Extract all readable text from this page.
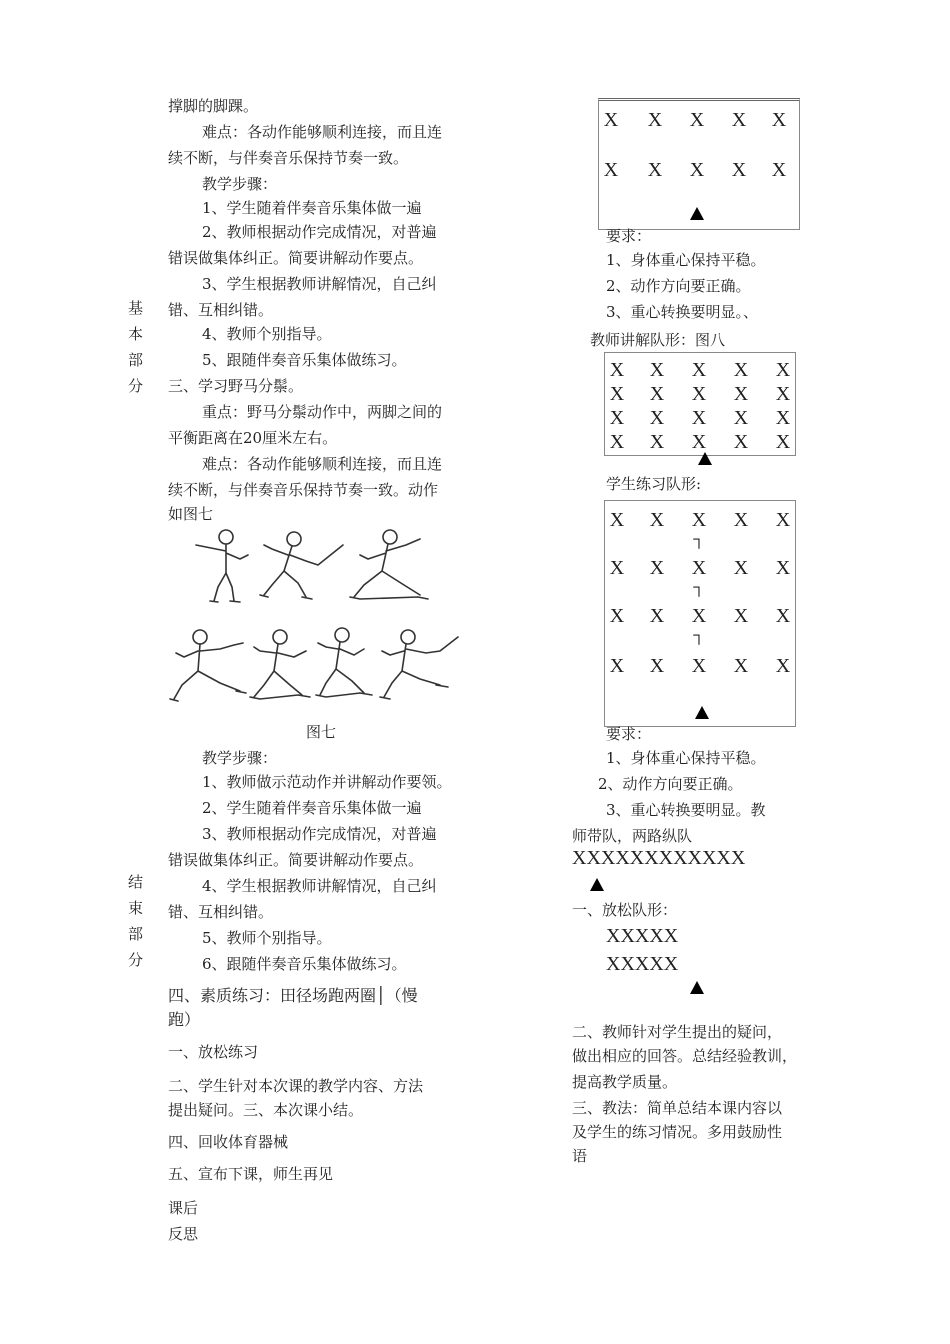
基
本
部
分
结
束
部
分
撑脚的脚踝。
难点：各动作能够顺利连接，而且连
续不断，与伴奏音乐保持节奏一致。
教学步骤：
1、学生随着伴奏音乐集体做一遍
2、教师根据动作完成情况，对普遍
错误做集体纠正。简要讲解动作要点。
3、学生根据教师讲解情况，自己纠
错、互相纠错。
4、教师个别指导。
5、跟随伴奏音乐集体做练习。
三、学习野马分鬃。
重点：野马分鬃动作中，两脚之间的
平衡距离在20厘米左右。
难点：各动作能够顺利连接，而且连
续不断，与伴奏音乐保持节奏一致。动作
如图七
图七
教学步骤：
1、教师做示范动作并讲解动作要领。
2、学生随着伴奏音乐集体做一遍
3、教师根据动作完成情况，对普遍
错误做集体纠正。简要讲解动作要点。
4、学生根据教师讲解情况，自己纠
错、互相纠错。
5、教师个别指导。
6、跟随伴奏音乐集体做练习。
四、素质练习：田径场跑两圈│（慢
跑）
一、放松练习
二、学生针对本次课的教学内容、方法
提出疑问。三、本次课小结。
四、回收体育器械
五、宣布下课，师生再见
课后
反思
X X X X X
X X X X X
要求：
1、身体重心保持平稳。
2、动作方向要正确。
3、重心转换要明显。、
教师讲解队形：图八
X X X X X
X X X X X
X X X X X
X X X X X
学生练习队形:
X X X X X
┐
X X X X X
┐
X X X X X
┐
X X X X X
要求：
1、身体重心保持平稳。
2、动作方向要正确。
3、重心转换要明显。教
师带队，两路纵队
XXXXXXXXXXXX
一、放松队形：
XXXXX
XXXXX
二、教师针对学生提出的疑问，
做出相应的回答。总结经验教训，
提高教学质量。
三、教法：简单总结本课内容以
及学生的练习情况。多用鼓励性
语
